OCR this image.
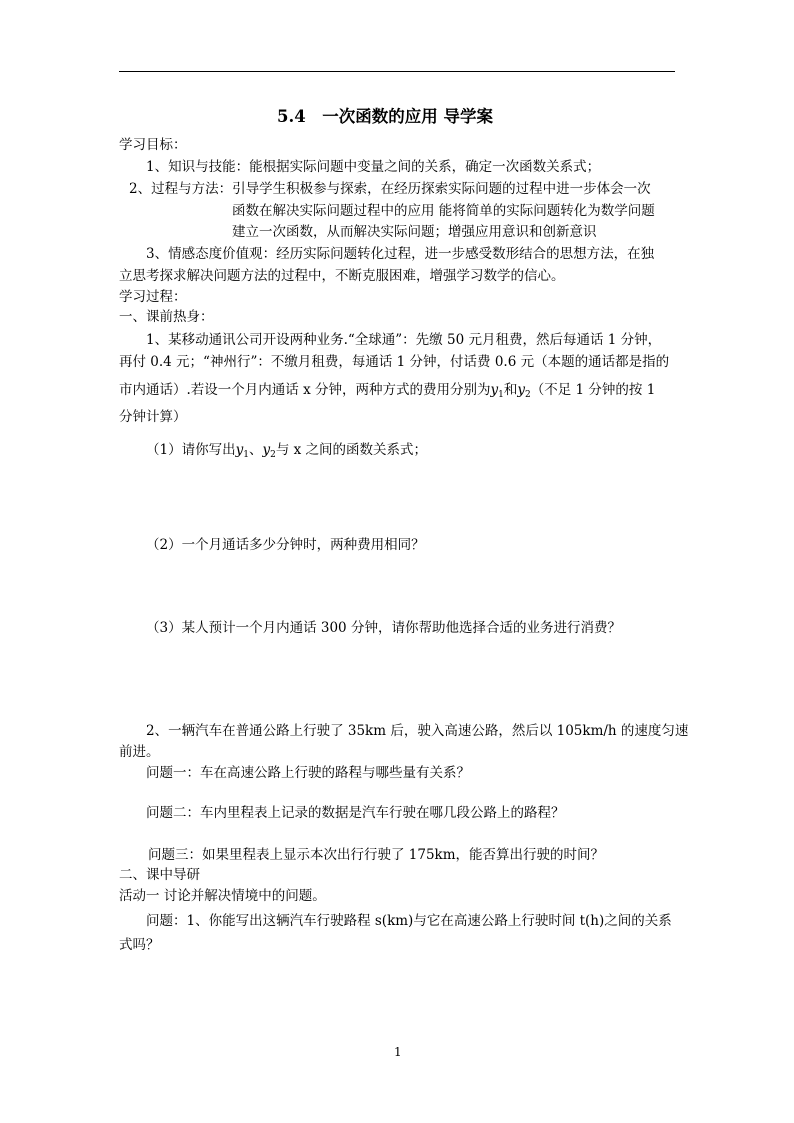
5.4　一次函数的应用 导学案
学习目标：
1、知识与技能：能根据实际问题中变量之间的关系，确定一次函数关系式；
2、过程与方法：引导学生积极参与探索，在经历探索实际问题的过程中进一步体会一次
函数在解决实际问题过程中的应用 能将简单的实际问题转化为数学问题
建立一次函数，从而解决实际问题；增强应用意识和创新意识
3、情感态度价值观：经历实际问题转化过程，进一步感受数形结合的思想方法，在独
立思考探求解决问题方法的过程中，不断克服困难，增强学习数学的信心。
学习过程：
一、课前热身：
1、某移动通讯公司开设两种业务.“全球通”：先缴 50 元月租费，然后每通话 1 分钟，
再付 0.4 元；“神州行”：不缴月租费，每通话 1 分钟，付话费 0.6 元（本题的通话都是指的
市内通话）.若设一个月内通话 x 分钟，两种方式的费用分别为$y_1$和$y_2$（不足 1 分钟的按 1
分钟计算）
（1）请你写出$y_1$、$y_2$与 x 之间的函数关系式；
（2）一个月通话多少分钟时，两种费用相同？
（3）某人预计一个月内通话 300 分钟，请你帮助他选择合适的业务进行消费？
2、一辆汽车在普通公路上行驶了 35km 后，驶入高速公路，然后以 105km/h 的速度匀速
前进。
问题一：车在高速公路上行驶的路程与哪些量有关系？
问题二：车内里程表上记录的数据是汽车行驶在哪几段公路上的路程？
问题三：如果里程表上显示本次出行行驶了 175km，能否算出行驶的时间？
二、课中导研
活动一 讨论并解决情境中的问题。
问题：1、你能写出这辆汽车行驶路程 s(km)与它在高速公路上行驶时间 t(h)之间的关系
式吗？
1
